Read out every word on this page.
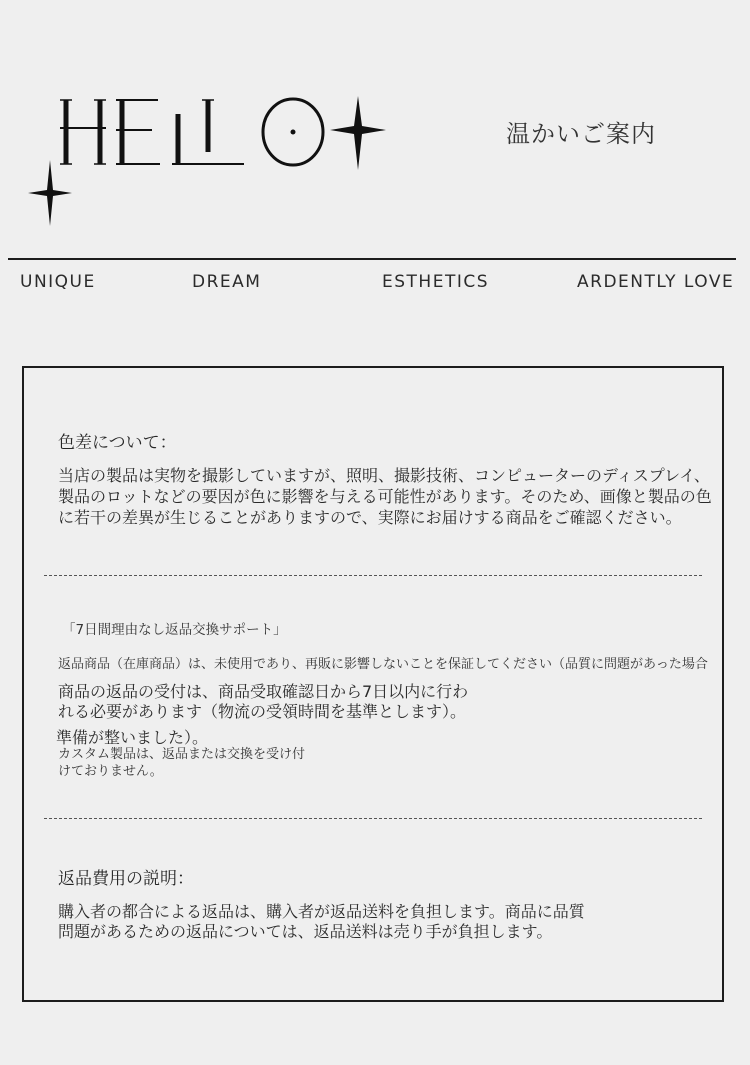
温かいご案内
UNIQUE	DREAM	ESTHETICS	ARDENTLY LOVE
色差について：
当店の製品は実物を撮影していますが、照明、撮影技術、コンピューターのディスプレイ、
製品のロットなどの要因が色に影響を与える可能性があります。そのため、画像と製品の色
に若干の差異が生じることがありますので、実際にお届けする商品をご確認ください。
「7日間理由なし返品交換サポート」
返品商品（在庫商品）は、未使用であり、再販に影響しないことを保証してください（品質に問題があった場合
商品の返品の受付は、商品受取確認日から7日以内に行わ
れる必要があります（物流の受領時間を基準とします）。
準備が整いました）。
カスタム製品は、返品または交換を受け付
けておりません。
返品費用の説明：
購入者の都合による返品は、購入者が返品送料を負担します。商品に品質
問題があるための返品については、返品送料は売り手が負担します。
